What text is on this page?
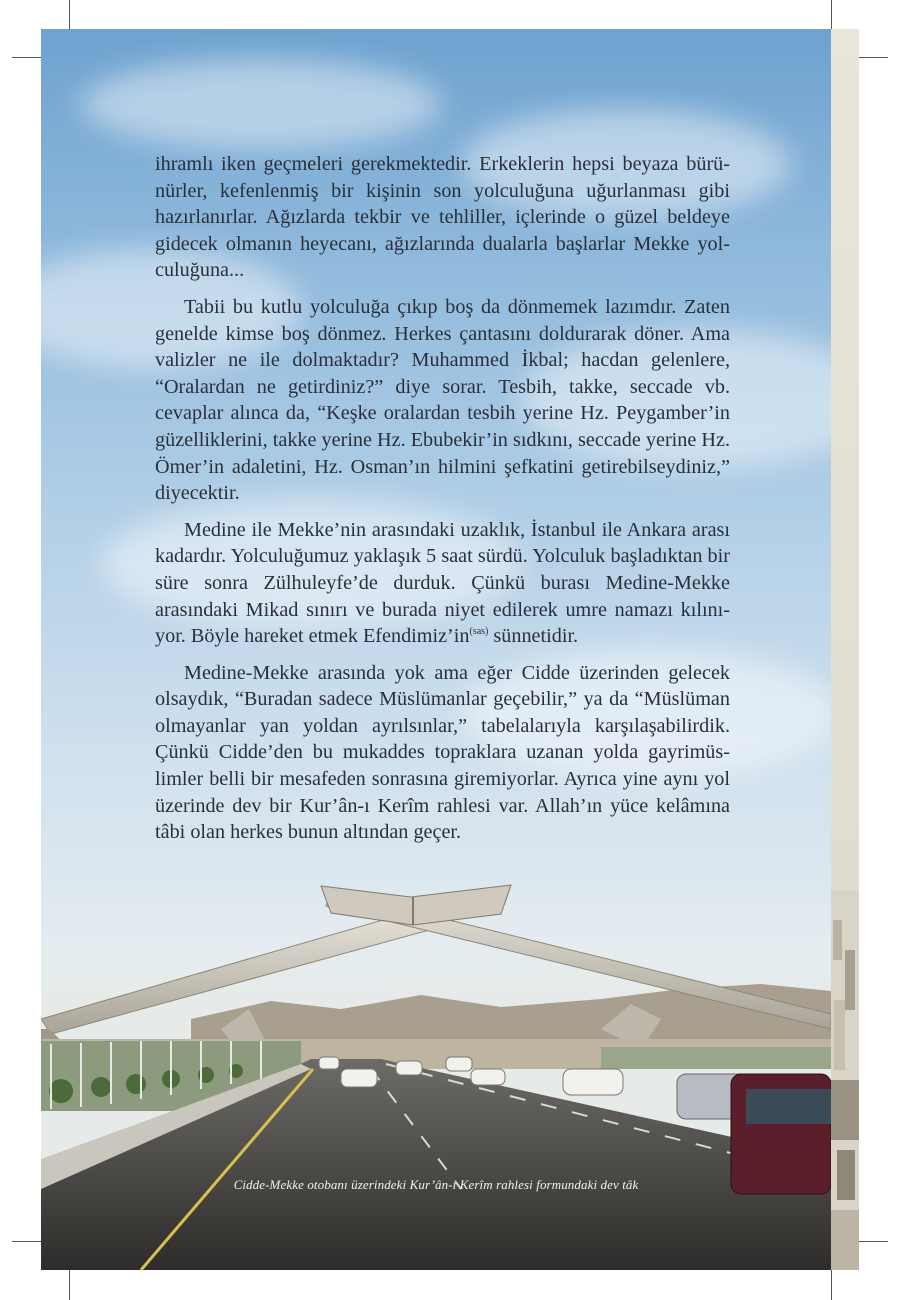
ihramlı iken geçmeleri gerekmektedir. Erkeklerin hepsi beyaza bürünürler, kefenlenmiş bir kişinin son yolculuğuna uğurlanması gibi hazırlanırlar. Ağızlarda tekbir ve tehliller, içlerinde o güzel beldeye gidecek olmanın heyecanı, ağızlarında dualarla başlarlar Mekke yolculuğuna...

Tabii bu kutlu yolculuğa çıkıp boş da dönmemek lazımdır. Zaten genelde kimse boş dönmez. Herkes çantasını doldurarak döner. Ama valizler ne ile dolmaktadır? Muhammed İkbal; hacdan gelenlere, “Oralardan ne getirdiniz?” diye sorar. Tesbih, takke, seccade vb. cevaplar alınca da, “Keşke oralardan tesbih yerine Hz. Peygamber’in güzelliklerini, takke yerine Hz. Ebubekir’in sıdkını, seccade yerine Hz. Ömer’in adaletini, Hz. Osman’ın hilmini şefkatini getirebilseydiniz,” diyecektir.

Medine ile Mekke’nin arasındaki uzaklık, İstanbul ile Ankara arası kadardır. Yolculuğumuz yaklaşık 5 saat sürdü. Yolculuk başladıktan bir süre sonra Zülhuleyfe’de durduk. Çünkü burası Medine-Mekke arasındaki Mikad sınırı ve burada niyet edilerek umre namazı kılınıyor. Böyle hareket etmek $Efendimiz’in^{(sas)}$ sünnetidir.

Medine-Mekke arasında yok ama eğer Cidde üzerinden gelecek olsaydık, “Buradan sadece Müslümanlar geçebilir,” ya da “Müslüman olmayanlar yan yoldan ayrılsınlar,” tabelalarıyla karşılaşabilirdik. Çünkü Cidde’den bu mukaddes topraklara uzanan yolda gayrimüslimler belli bir mesafeden sonrasına giremiyorlar. Ayrıca yine aynı yol üzerinde dev bir Kur’ân-ı Kerîm rahlesi var. Allah’ın yüce kelâmına tâbi olan herkes bunun altından geçer.

Cidde-Mekke otobanı üzerindeki Kur’ân-ı Kerîm rahlesi formundaki dev tâk
